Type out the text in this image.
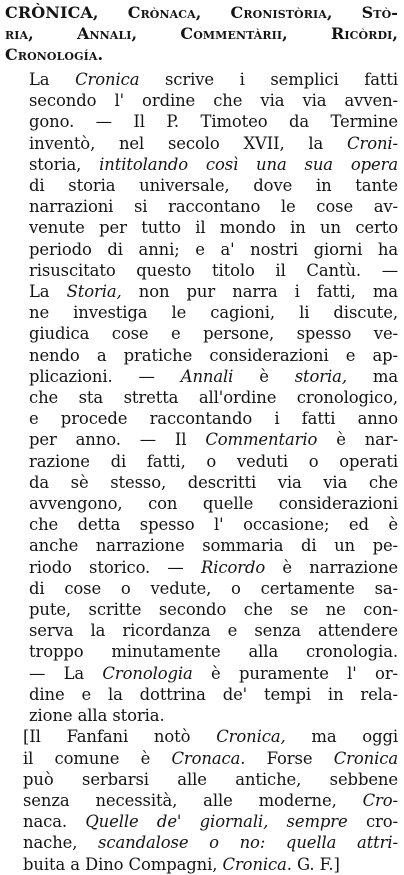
CRÒNICA, Crònaca, Cronistòria, Stò-
ria, Annali, Commentàrii, Ricòrdi,
Cronología.
La Cronica scrive i semplici fatti
secondo l' ordine che via via avven-
gono. — Il P. Timoteo da Termine
inventò, nel secolo XVII, la Croni-
storia, intitolando così una sua opera
di storia universale, dove in tante
narrazioni si raccontano le cose av-
venute per tutto il mondo in un certo
periodo di anni; e a' nostri giorni ha
risuscitato questo titolo il Cantù. —
La Storia, non pur narra i fatti, ma
ne investiga le cagioni, li discute,
giudica cose e persone, spesso ve-
nendo a pratiche considerazioni e ap-
plicazioni. — Annali è storia, ma
che sta stretta all'ordine cronologico,
e procede raccontando i fatti anno
per anno. — Il Commentario è nar-
razione di fatti, o veduti o operati
da sè stesso, descritti via via che
avvengono, con quelle considerazioni
che detta spesso l' occasione; ed è
anche narrazione sommaria di un pe-
riodo storico. — Ricordo è narrazione
di cose o vedute, o certamente sa-
pute, scritte secondo che se ne con-
serva la ricordanza e senza attendere
troppo minutamente alla cronologia.
— La Cronologia è puramente l' or-
dine e la dottrina de' tempi in rela-
zione alla storia.
[Il Fanfani notò Cronica, ma oggi
il comune è Cronaca. Forse Cronica
può serbarsi alle antiche, sebbene
senza necessità, alle moderne, Cro-
naca. Quelle de' giornali, sempre cro-
nache, scandalose o no: quella attri-
buita a Dino Compagni, Cronica. G. F.]
